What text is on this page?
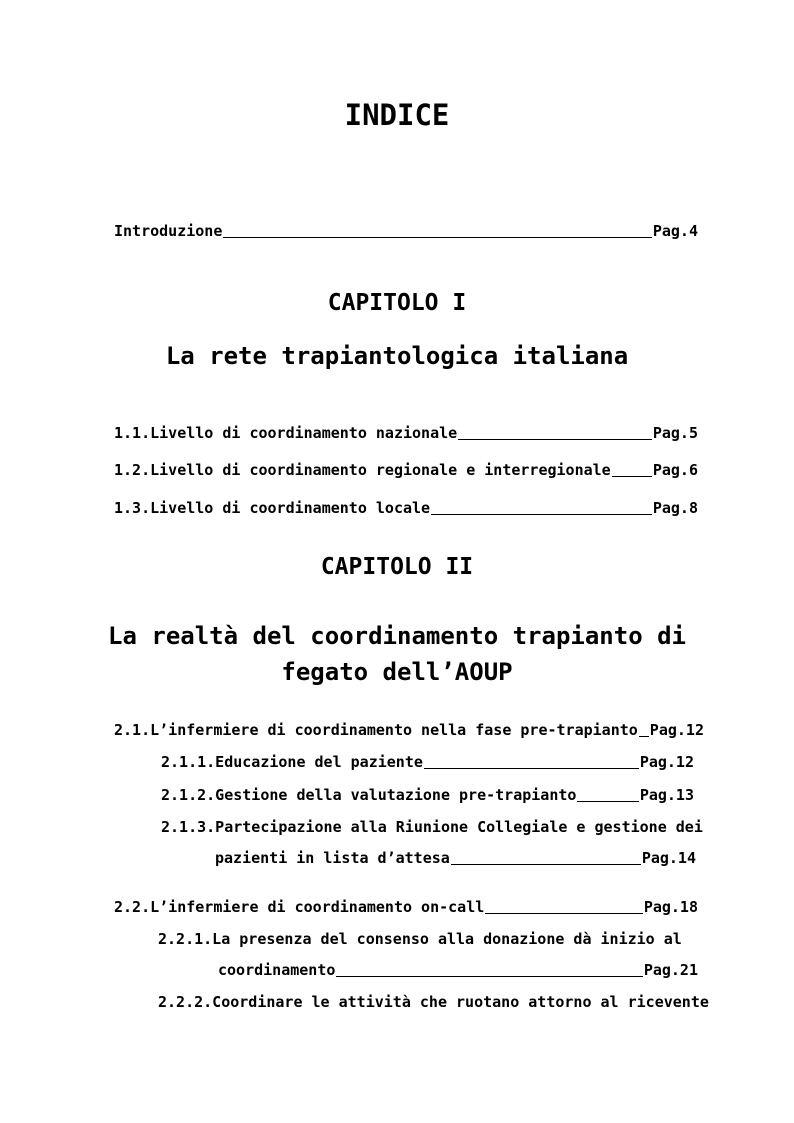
INDICE
Introduzione	Pag.4
CAPITOLO I
La rete trapiantologica italiana
1.1.Livello di coordinamento nazionale	Pag.5
1.2.Livello di coordinamento regionale e interregionale	Pag.6
1.3.Livello di coordinamento locale	Pag.8
CAPITOLO II
La realtà del coordinamento trapianto di
fegato dell’AOUP
2.1.L’infermiere di coordinamento nella fase pre-trapianto Pag.12
2.1.1.Educazione del paziente	Pag.12
2.1.2.Gestione della valutazione pre-trapianto	Pag.13
2.1.3.Partecipazione alla Riunione Collegiale e gestione dei
pazienti in lista d’attesa	Pag.14
2.2.L’infermiere di coordinamento on-call	Pag.18
2.2.1.La presenza del consenso alla donazione dà inizio al
coordinamento	Pag.21
2.2.2.Coordinare le attività che ruotano attorno al ricevente
